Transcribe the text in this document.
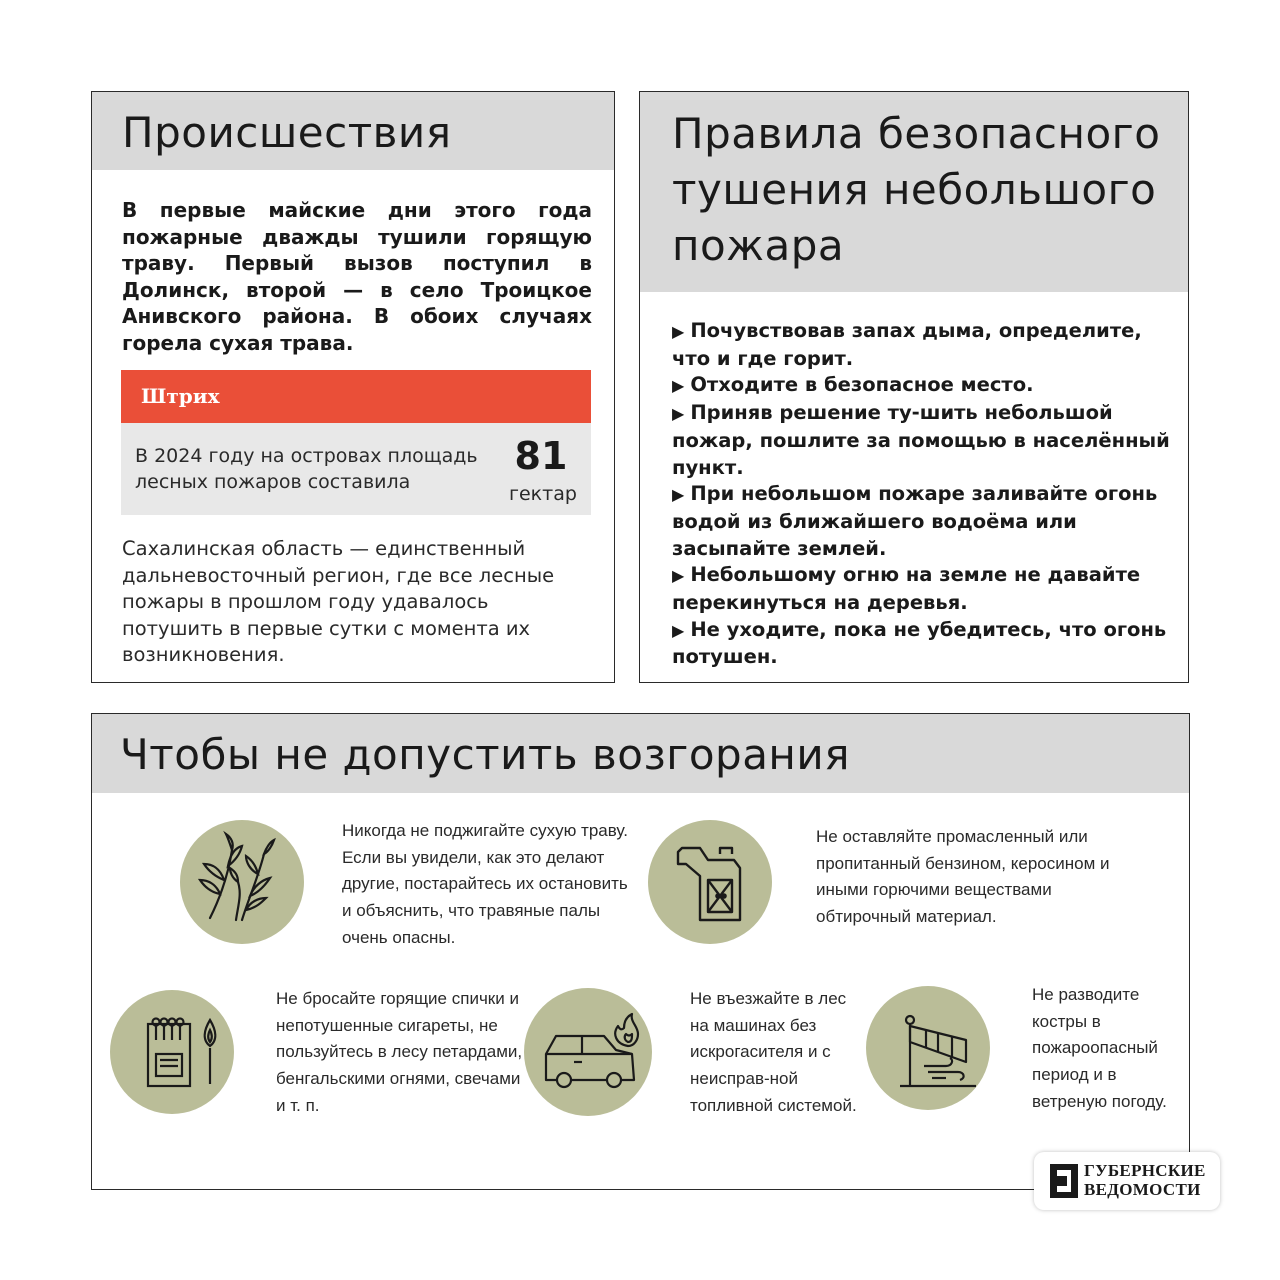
Происшествия

В первые майские дни этого года пожарные дважды тушили горящую траву. Первый вызов поступил в Долинск, второй — в село Троицкое Анивского района. В обоих случаях горела сухая трава.

Штрих

В 2024 году на островах площадь лесных пожаров составила

81
гектар

Сахалинская область — единственный дальневосточный регион, где все лесные пожары в прошлом году удавалось потушить в первые сутки с момента их возникновения.

Правила безопасного тушения небольшого пожара
▶ Почувствовав запах дыма, определите, что и где горит.
▶ Отходите в безопасное место.
▶ Приняв решение ту-шить небольшой пожар, пошлите за помощью в населённый пункт.
▶ При небольшом пожаре заливайте огонь водой из ближайшего водоёма или засыпайте землей.
▶ Небольшому огню на земле не давайте перекинуться на деревья.
▶ Не уходите, пока не убедитесь, что огонь потушен.
Чтобы не допустить возгорания

Никогда не поджигайте сухую траву. Если вы увидели, как это делают другие, постарайтесь их остановить и объяснить, что травяные палы очень опасны.

Не оставляйте промасленный или пропитанный бензином, керосином и иными горючими веществами обтирочный материал.

Не бросайте горящие спички и непотушенные сигареты, не пользуйтесь в лесу петардами, бенгальскими огнями, свечами и т. п.

Не въезжайте в лес на машинах без искрогасителя и с неисправ-ной топливной системой.

Не разводите костры в пожароопасный период и в ветреную погоду.

ГУБЕРНСКИЕ
ВЕДОМОСТИ
